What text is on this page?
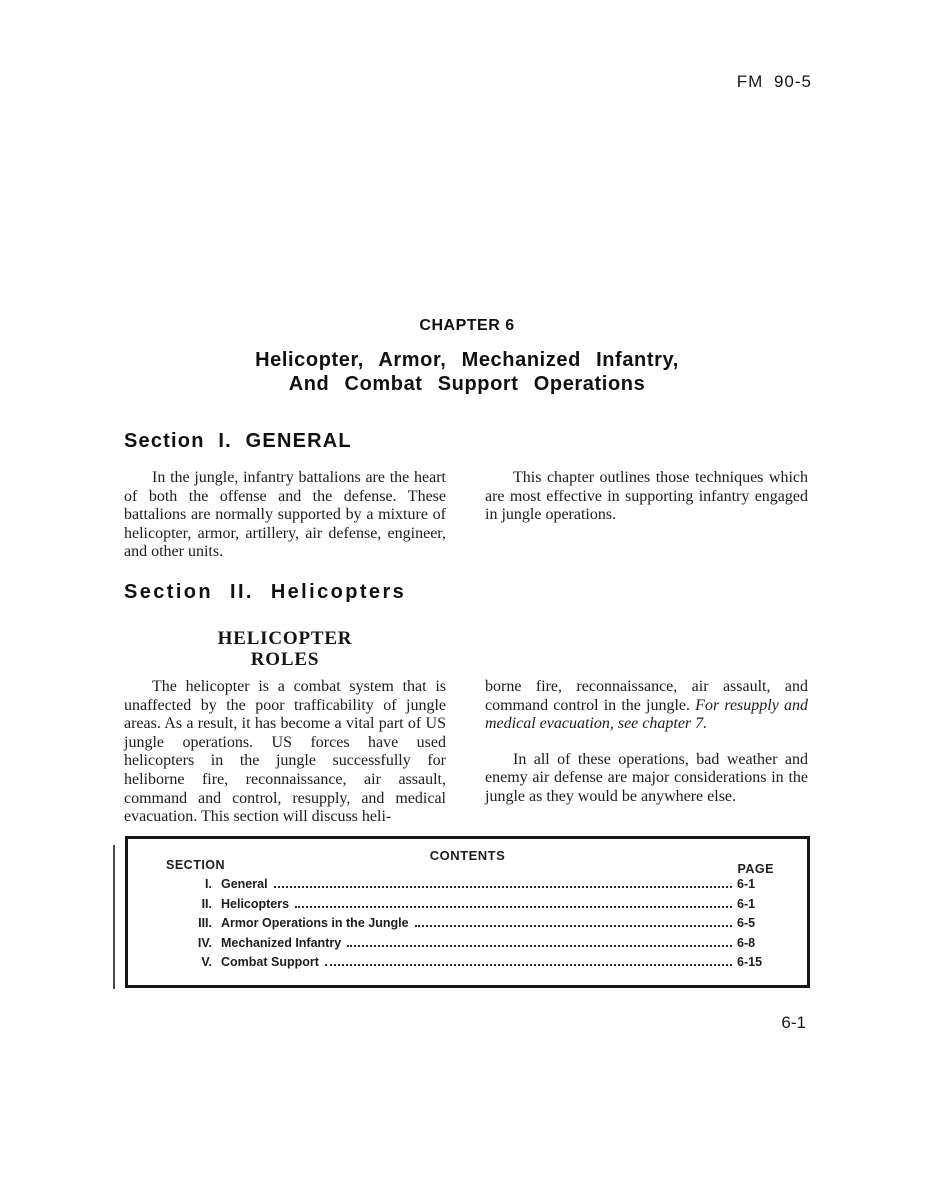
FM 90-5
CHAPTER 6
Helicopter, Armor, Mechanized Infantry,
And Combat Support Operations
Section I. GENERAL
In the jungle, infantry battalions are the heart of both the offense and the defense. These battalions are normally supported by a mixture of helicopter, armor, artillery, air defense, engineer, and other units.
This chapter outlines those techniques which are most effective in supporting infantry engaged in jungle operations.
Section II. Helicopters
HELICOPTER
ROLES
The helicopter is a combat system that is unaffected by the poor trafficability of jungle areas. As a result, it has become a vital part of US jungle operations. US forces have used helicopters in the jungle successfully for heliborne fire, reconnaissance, air assault, command and control, resupply, and medical evacuation. This section will discuss heli-
borne fire, reconnaissance, air assault, and command control in the jungle. For resupply and medical evacuation, see chapter 7.
In all of these operations, bad weather and enemy air defense are major considerations in the jungle as they would be anywhere else.
CONTENTS
SECTION	PAGE
I. General	6-1
II. Helicopters	6-1
III. Armor Operations in the Jungle	6-5
IV. Mechanized Infantry	6-8
V. Combat Support	6-15
6-1
